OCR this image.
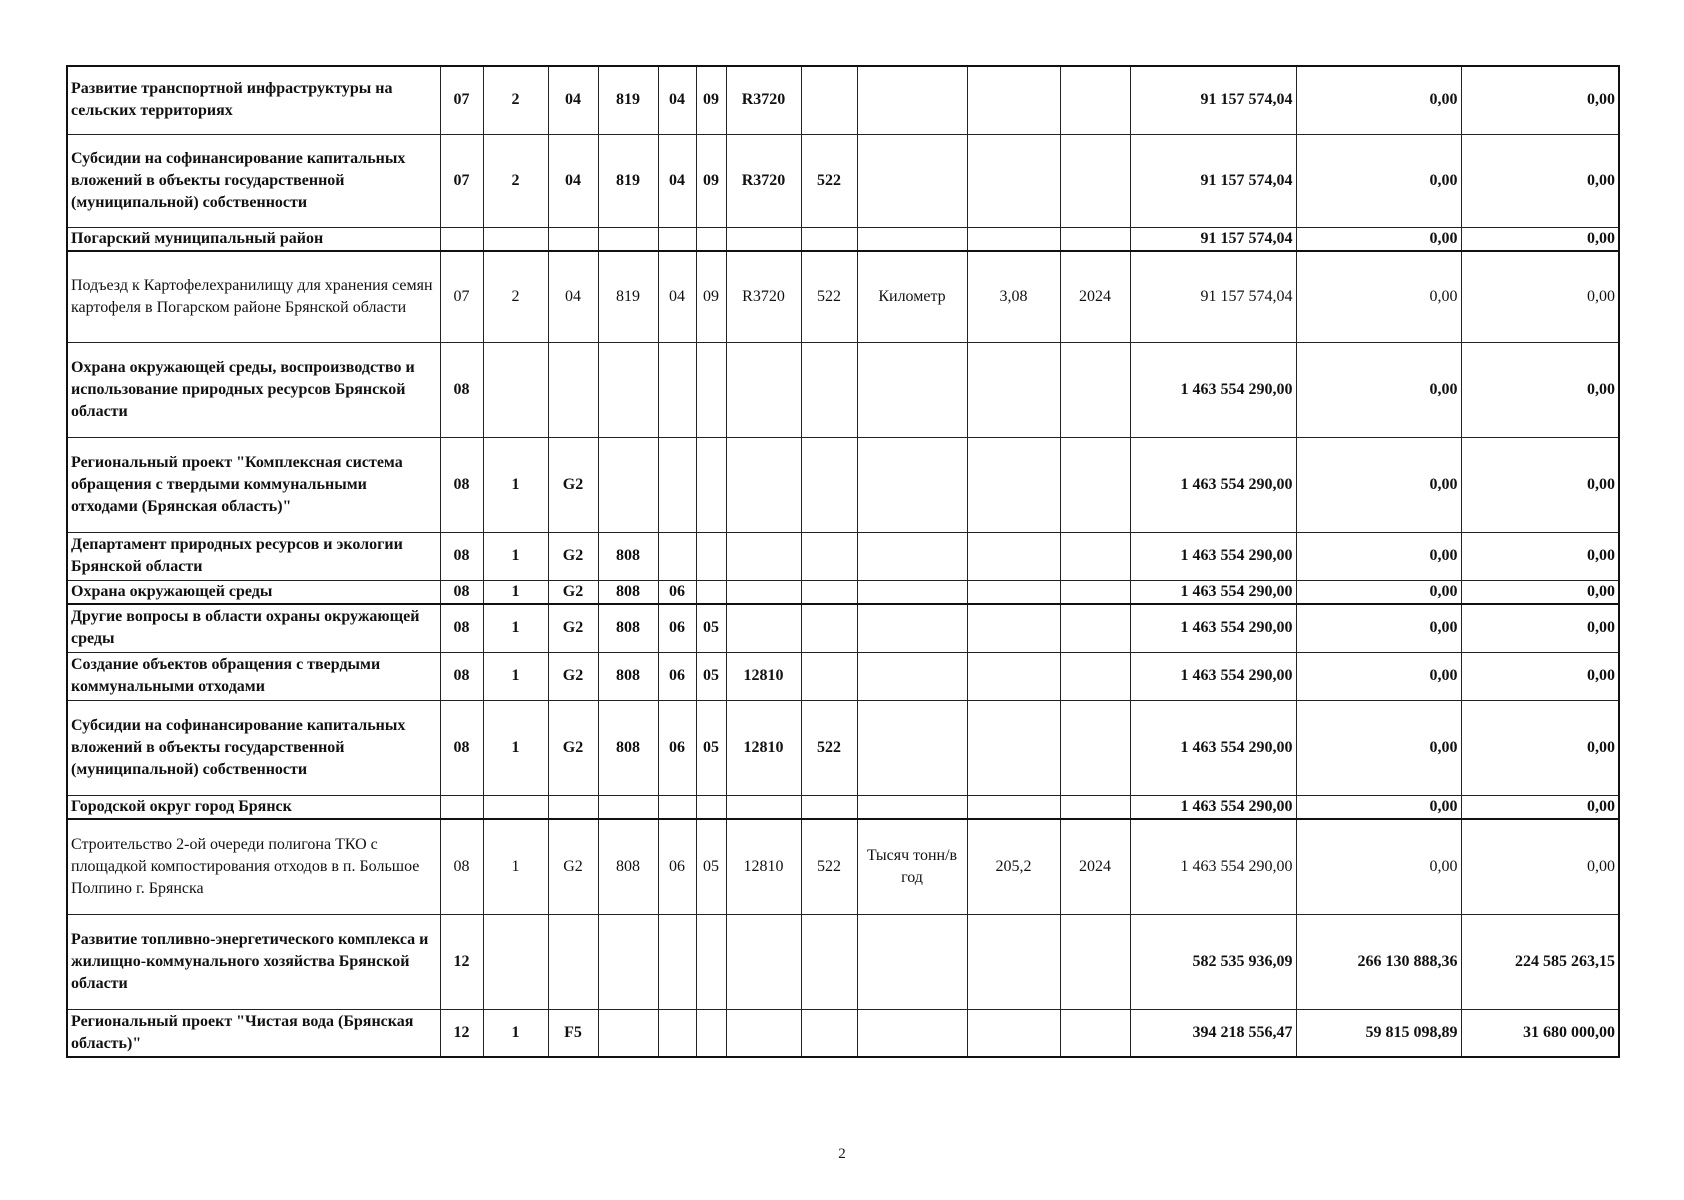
Развитие транспортной инфраструктуры на сельских территориях	07	2	04	819	04	09	R3720					91 157 574,04	0,00	0,00
Субсидии на софинансирование капитальных вложений в объекты государственной (муниципальной) собственности	07	2	04	819	04	09	R3720	522				91 157 574,04	0,00	0,00
Погарский муниципальный район												91 157 574,04	0,00	0,00
Подъезд к Картофелехранилищу для хранения семян картофеля в Погарском районе Брянской области	07	2	04	819	04	09	R3720	522	Километр	3,08	2024	91 157 574,04	0,00	0,00
Охрана окружающей среды, воспроизводство и использование природных ресурсов Брянской области	08											1 463 554 290,00	0,00	0,00
Региональный проект "Комплексная система обращения с твердыми коммунальными отходами (Брянская область)"	08	1	G2									1 463 554 290,00	0,00	0,00
Департамент природных ресурсов и экологии Брянской области	08	1	G2	808								1 463 554 290,00	0,00	0,00
Охрана окружающей среды	08	1	G2	808	06							1 463 554 290,00	0,00	0,00
Другие вопросы в области охраны окружающей среды	08	1	G2	808	06	05						1 463 554 290,00	0,00	0,00
Создание объектов обращения с твердыми коммунальными отходами	08	1	G2	808	06	05	12810					1 463 554 290,00	0,00	0,00
Субсидии на софинансирование капитальных вложений в объекты государственной (муниципальной) собственности	08	1	G2	808	06	05	12810	522				1 463 554 290,00	0,00	0,00
Городской округ город Брянск												1 463 554 290,00	0,00	0,00
Строительство 2-ой очереди полигона ТКО с площадкой компостирования отходов в п. Большое Полпино г. Брянска	08	1	G2	808	06	05	12810	522	Тысяч тонн/в год	205,2	2024	1 463 554 290,00	0,00	0,00
Развитие топливно-энергетического комплекса и жилищно-коммунального хозяйства Брянской области	12											582 535 936,09	266 130 888,36	224 585 263,15
Региональный проект "Чистая вода (Брянская область)"	12	1	F5									394 218 556,47	59 815 098,89	31 680 000,00
2
